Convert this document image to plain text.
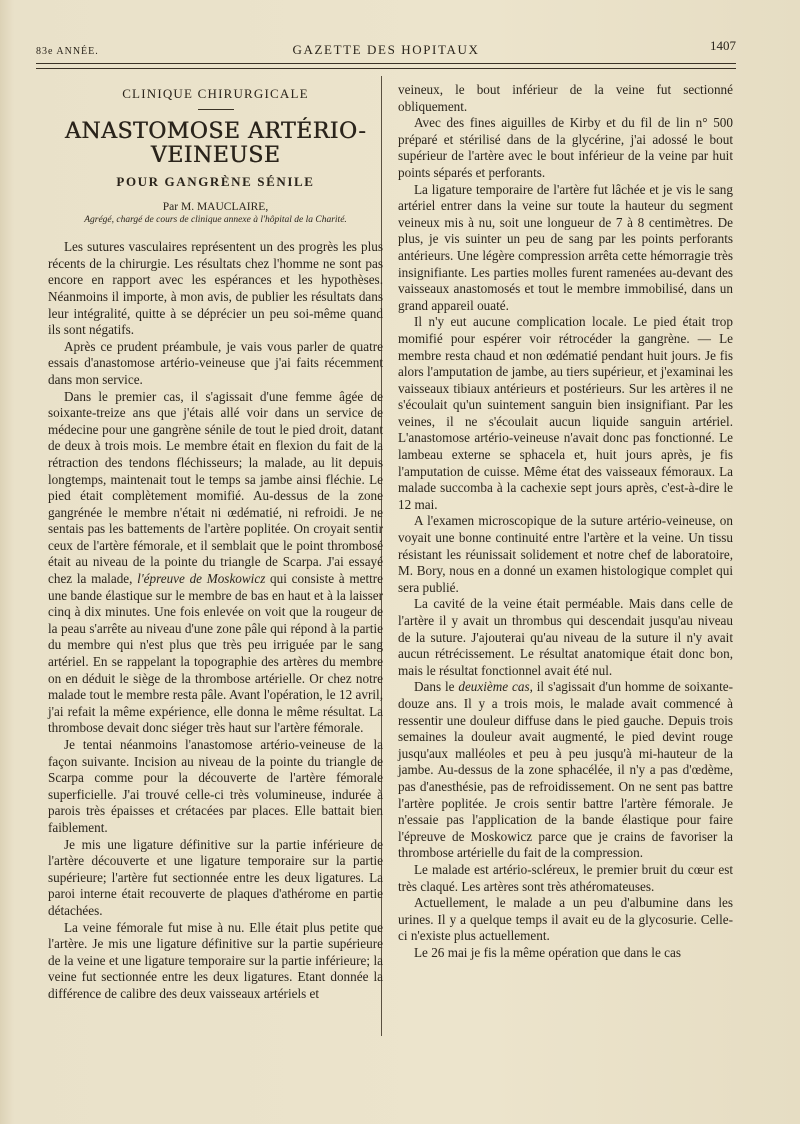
83e ANNÉE.	GAZETTE DES HOPITAUX	1407
CLINIQUE CHIRURGICALE
ANASTOMOSE ARTÉRIO-VEINEUSE
POUR GANGRÈNE SÉNILE
Par M. MAUCLAIRE,
Agrégé, chargé de cours de clinique annexe à l'hôpital de la Charité.

Les sutures vasculaires représentent un des progrès les plus récents de la chirurgie. Les résultats chez l'homme ne sont pas encore en rapport avec les espérances et les hypothèses. Néanmoins il importe, à mon avis, de publier les résultats dans leur intégralité, quitte à se déprécier un peu soi-même quand ils sont négatifs.

Après ce prudent préambule, je vais vous parler de quatre essais d'anastomose artério-veineuse que j'ai faits récemment dans mon service.

Dans le premier cas, il s'agissait d'une femme âgée de soixante-treize ans que j'étais allé voir dans un service de médecine pour une gangrène sénile de tout le pied droit, datant de deux à trois mois. Le membre était en flexion du fait de la rétraction des tendons fléchisseurs; la malade, au lit depuis longtemps, maintenait tout le temps sa jambe ainsi fléchie. Le pied était complètement momifié. Au-dessus de la zone gangrénée le membre n'était ni œdématié, ni refroidi. Je ne sentais pas les battements de l'artère poplitée. On croyait sentir ceux de l'artère fémorale, et il semblait que le point thrombosé était au niveau de la pointe du triangle de Scarpa. J'ai essayé chez la malade, l'épreuve de Moskowicz qui consiste à mettre une bande élastique sur le membre de bas en haut et à la laisser cinq à dix minutes. Une fois enlevée on voit que la rougeur de la peau s'arrête au niveau d'une zone pâle qui répond à la partie du membre qui n'est plus que très peu irriguée par le sang artériel. En se rappelant la topographie des artères du membre on en déduit le siège de la thrombose artérielle. Or chez notre malade tout le membre resta pâle. Avant l'opération, le 12 avril, j'ai refait la même expérience, elle donna le même résultat. La thrombose devait donc siéger très haut sur l'artère fémorale.

Je tentai néanmoins l'anastomose artério-veineuse de la façon suivante. Incision au niveau de la pointe du triangle de Scarpa comme pour la découverte de l'artère fémorale superficielle. J'ai trouvé celle-ci très volumineuse, indurée à parois très épaisses et crétacées par places. Elle battait bien faiblement.

Je mis une ligature définitive sur la partie inférieure de l'artère découverte et une ligature temporaire sur la partie supérieure; l'artère fut sectionnée entre les deux ligatures. La paroi interne était recouverte de plaques d'athérome en partie détachées.

La veine fémorale fut mise à nu. Elle était plus petite que l'artère. Je mis une ligature définitive sur la partie supérieure de la veine et une ligature temporaire sur la partie inférieure; la veine fut sectionnée entre les deux ligatures. Etant donnée la différence de calibre des deux vaisseaux artériels et

veineux, le bout inférieur de la veine fut sectionné obliquement.

Avec des fines aiguilles de Kirby et du fil de lin n° 500 préparé et stérilisé dans de la glycérine, j'ai adossé le bout supérieur de l'artère avec le bout inférieur de la veine par huit points séparés et perforants.

La ligature temporaire de l'artère fut lâchée et je vis le sang artériel entrer dans la veine sur toute la hauteur du segment veineux mis à nu, soit une longueur de 7 à 8 centimètres. De plus, je vis suinter un peu de sang par les points perforants antérieurs. Une légère compression arrêta cette hémorragie très insignifiante. Les parties molles furent ramenées au-devant des vaisseaux anastomosés et tout le membre immobilisé, dans un grand appareil ouaté.

Il n'y eut aucune complication locale. Le pied était trop momifié pour espérer voir rétrocéder la gangrène. — Le membre resta chaud et non œdématié pendant huit jours. Je fis alors l'amputation de jambe, au tiers supérieur, et j'examinai les vaisseaux tibiaux antérieurs et postérieurs. Sur les artères il ne s'écoulait qu'un suintement sanguin bien insignifiant. Par les veines, il ne s'écoulait aucun liquide sanguin artériel. L'anastomose artério-veineuse n'avait donc pas fonctionné. Le lambeau externe se sphacela et, huit jours après, je fis l'amputation de cuisse. Même état des vaisseaux fémoraux. La malade succomba à la cachexie sept jours après, c'est-à-dire le 12 mai.

A l'examen microscopique de la suture artério-veineuse, on voyait une bonne continuité entre l'artère et la veine. Un tissu résistant les réunissait solidement et notre chef de laboratoire, M. Bory, nous en a donné un examen histologique complet qui sera publié.

La cavité de la veine était perméable. Mais dans celle de l'artère il y avait un thrombus qui descendait jusqu'au niveau de la suture. J'ajouterai qu'au niveau de la suture il n'y avait aucun rétrécissement. Le résultat anatomique était donc bon, mais le résultat fonctionnel avait été nul.

Dans le deuxième cas, il s'agissait d'un homme de soixante-douze ans. Il y a trois mois, le malade avait commencé à ressentir une douleur diffuse dans le pied gauche. Depuis trois semaines la douleur avait augmenté, le pied devint rouge jusqu'aux malléoles et peu à peu jusqu'à mi-hauteur de la jambe. Au-dessus de la zone sphacélée, il n'y a pas d'œdème, pas d'anesthésie, pas de refroidissement. On ne sent pas battre l'artère poplitée. Je crois sentir battre l'artère fémorale. Je n'essaie pas l'application de la bande élastique pour faire l'épreuve de Moskowicz parce que je crains de favoriser la thrombose artérielle du fait de la compression.

Le malade est artério-scléreux, le premier bruit du cœur est très claqué. Les artères sont très athéromateuses.

Actuellement, le malade a un peu d'albumine dans les urines. Il y a quelque temps il avait eu de la glycosurie. Celle-ci n'existe plus actuellement.

Le 26 mai je fis la même opération que dans le cas
